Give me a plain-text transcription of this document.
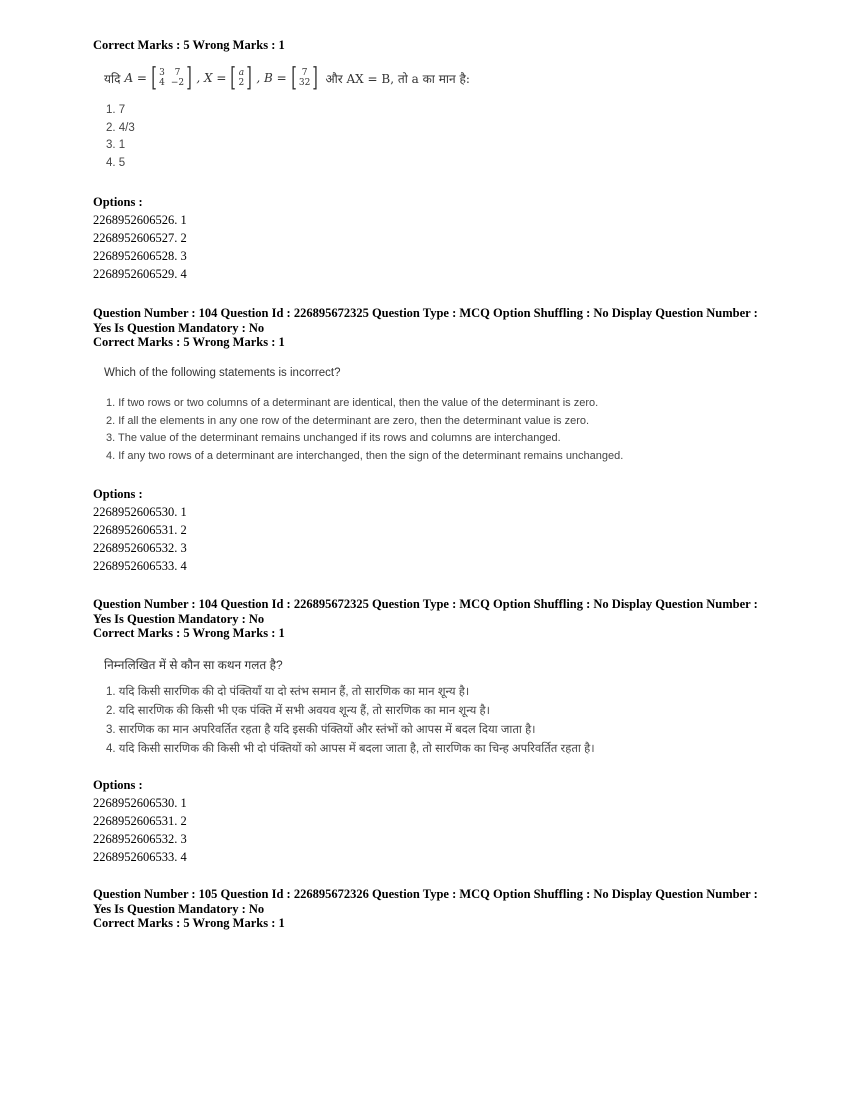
Correct Marks : 5 Wrong Marks : 1
यदि A = [ 3	7
4 −2 ] , X = [ a
2 ] , B = [ 7
32 ] और AX = B, तो a का मान है:
1. 7
2. 4/3
3. 1
4. 5
Options :
2268952606526. 1
2268952606527. 2
2268952606528. 3
2268952606529. 4
Question Number : 104 Question Id : 226895672325 Question Type : MCQ Option Shuffling : No Display Question Number : Yes Is Question Mandatory : No
Correct Marks : 5 Wrong Marks : 1
Which of the following statements is incorrect?
1. If two rows or two columns of a determinant are identical, then the value of the determinant is zero.
2. If all the elements in any one row of the determinant are zero, then the determinant value is zero.
3. The value of the determinant remains unchanged if its rows and columns are interchanged.
4. If any two rows of a determinant are interchanged, then the sign of the determinant remains unchanged.
Options :
2268952606530. 1
2268952606531. 2
2268952606532. 3
2268952606533. 4
Question Number : 104 Question Id : 226895672325 Question Type : MCQ Option Shuffling : No Display Question Number : Yes Is Question Mandatory : No
Correct Marks : 5 Wrong Marks : 1
निम्नलिखित में से कौन सा कथन गलत है?
1. यदि किसी सारणिक की दो पंक्तियाँ या दो स्तंभ समान हैं, तो सारणिक का मान शून्य है।
2. यदि सारणिक की किसी भी एक पंक्ति में सभी अवयव शून्य हैं, तो सारणिक का मान शून्य है।
3. सारणिक का मान अपरिवर्तित रहता है यदि इसकी पंक्तियों और स्तंभों को आपस में बदल दिया जाता है।
4. यदि किसी सारणिक की किसी भी दो पंक्तियों को आपस में बदला जाता है, तो सारणिक का चिन्ह अपरिवर्तित रहता है।
Options :
2268952606530. 1
2268952606531. 2
2268952606532. 3
2268952606533. 4
Question Number : 105 Question Id : 226895672326 Question Type : MCQ Option Shuffling : No Display Question Number : Yes Is Question Mandatory : No
Correct Marks : 5 Wrong Marks : 1
